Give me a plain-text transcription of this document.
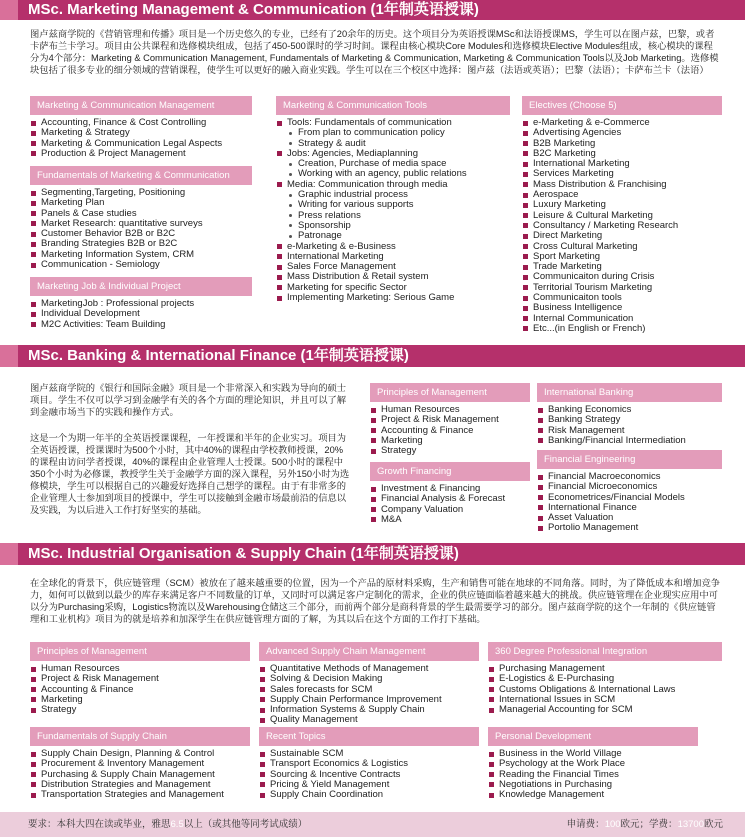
MSc. Marketing Management & Communication (1年制英语授课)

图卢兹商学院的《营销管理和传播》项目是一个历史悠久的专业，已经有了20余年的历史。这个项目分为英语授课MSc和法语授课MS，学生可以在图卢兹，巴黎，或者卡萨布兰卡学习。项目由公共课程和选修模块组成，包括了450-500课时的学习时间。课程由核心模块Core Modules和选修模块Elective Modules组成，核心模块的课程分为4个部分：Marketing & Communication Management, Fundamentals of Marketing & Communication, Marketing & Communication Tools以及Job Marketing。选修模块包括了很多专业的细分领域的营销课程，使学生可以更好的融入商业实践。学生可以在三个校区中选择：图卢兹（法语或英语）；巴黎（法语）；卡萨布兰卡（法语）

Marketing & Communication Management
Accounting, Finance & Cost Controlling
Marketing & Strategy
Marketing & Communication Legal Aspects
Production & Project Management
Fundamentals of Marketing & Communication
Segmenting,Targeting, Positioning
Marketing Plan
Panels & Case studies
Market Research: quantitative surveys
Customer Behavior B2B or B2C
Branding Strategies B2B or B2C
Marketing Information System, CRM
Communication - Semiology
Marketing Job & Individual Project
MarketingJob : Professional projects
Individual Development
M2C Activities: Team Building
Marketing & Communication Tools
Tools: Fundamentals of communication
From plan to communication policy
Strategy & audit
Jobs: Agencies, Mediaplanning
Creation, Purchase of media space
Working with an agency, public relations
Media: Communication through media
Graphic industrial process
Writing for various supports
Press relations
Sponsorship
Patronage
e-Marketing & e-Business
International Marketing
Sales Force Management
Mass Distribution & Retail system
Marketing for specific Sector
Implementing Marketing: Serious Game
Electives (Choose 5)
e-Marketing & e-Commerce
Advertising Agencies
B2B Marketing
B2C Marketing
International Marketing
Services Marketing
Mass Distribution & Franchising
Aerospace
Luxury Marketing
Leisure & Cultural Marketing
Consultancy / Marketing Research
Direct Marketing
Cross Cultural Marketing
Sport Marketing
Trade Marketing
Communicaiton during Crisis
Territorial Tourism Marketing
Communicaiton tools
Business Intelligence
Internal Communication
Etc...(in English or French)
MSc. Banking & International Finance (1年制英语授课)

图卢兹商学院的《银行和国际金融》项目是一个非常深入和实践为导向的硕士项目。学生不仅可以学习到金融学有关的各个方面的理论知识，并且可以了解到金融市场当下的实践和操作方式。

这是一个为期一年半的全英语授课课程，一年授课和半年的企业实习。项目为全英语授课，授课课时为500个小时，其中40%的课程由学校教师授课，20%的课程由访问学者授课，40%的课程由企业管理人士授课。500小时的课程中350个小时为必修课，教授学生关于金融学方面的深入课程，另外150小时为选修模块，学生可以根据自己的兴趣爱好选择自己想学的课程。由于有非常多的企业管理人士参加到项目的授课中，学生可以接触到金融市场最前沿的信息以及实践，为以后进入工作打好坚实的基础。

Principles of Management
Human Resources
Project & Risk Management
Accounting & Finance
Marketing
Strategy
Growth Financing
Investment & Financing
Financial Analysis & Forecast
Company Valuation
M&A
International Banking
Banking Economics
Banking Strategy
Risk Management
Banking/Financial Intermediation
Financial Engineering
Financial Macroeconomics
Financial Microeconomics
Econometrices/Financial Models
International Finance
Asset Valuation
Portolio Management
MSc. Industrial Organisation & Supply Chain (1年制英语授课)

在全球化的背景下，供应链管理（SCM）被放在了越来越重要的位置，因为一个产品的原材料采购，生产和销售可能在地球的不同角落。同时，为了降低成本和增加竞争力，如何可以做到以最少的库存来满足客户不同数量的订单，又同时可以满足客户定制化的需求，企业的供应链面临着越来越大的挑战。供应链管理在企业现实应用中可以分为Purchasing采购，Logistics物流以及Warehousing仓储这三个部分，而前两个部分是商科背景的学生最需要学习的部分。图卢兹商学院的这个一年制的《供应链管理和工业机构》项目为的就是培养和加深学生在供应链管理方面的了解，为其以后在这个方面的工作打下基础。

Principles of Management
Human Resources
Project & Risk Management
Accounting & Finance
Marketing
Strategy
Fundamentals of Supply Chain
Supply Chain Design, Planning & Control
Procurement & Inventory Management
Purchasing & Supply Chain Management
Distribution Strategies and Management
Transportation Strategies and Management
Advanced Supply Chain Management
Quantitative Methods of Management
Solving & Decision Making
Sales forecasts for SCM
Supply Chain Performance Improvement
Information Systems & Supply Chain
Quality Management
Recent Topics
Sustainable SCM
Transport Economics & Logistics
Sourcing & Incentive Contracts
Pricing & Yield Management
Supply Chain Coordination
360 Degree Professional Integration
Purchasing Management
E-Logistics & E-Purchasing
Customs Obligations & International Laws
International Issues in SCM
Managerial Accounting for SCM
Personal Development
Business in the World Village
Psychology at the Work Place
Reading the Financial Times
Negotiations in Purchasing
Knowledge Management
要求：本科大四在读或毕业，雅思6.5以上（或其他等同考试成绩）	申请费：100欧元；学费：13700欧元
